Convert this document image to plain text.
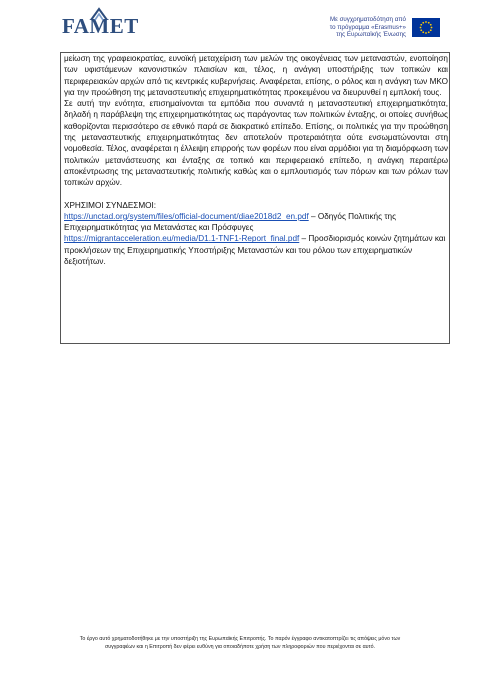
FAMET	Με συγχρηματοδότηση από
το πρόγραμμα «Erasmus+»
της Ευρωπαϊκής Ένωσης

μείωση της γραφειοκρατίας, ευνοϊκή μεταχείριση των μελών της οικογένειας των μεταναστών, ενοποίηση των υφιστάμενων κανονιστικών πλαισίων και, τέλος, η ανάγκη υποστήριξης των τοπικών και περιφερειακών αρχών από τις κεντρικές κυβερνήσεις. Αναφέρεται, επίσης, ο ρόλος και η ανάγκη των ΜΚΟ για την προώθηση της μεταναστευτικής επιχειρηματικότητας προκειμένου να διευρυνθεί η εμπλοκή τους.

Σε αυτή την ενότητα, επισημαίνονται τα εμπόδια που συναντά η μεταναστευτική επιχειρηματικότητα, δηλαδή η παράβλεψη της επιχειρηματικότητας ως παράγοντας των πολιτικών ένταξης, οι οποίες συνήθως καθορίζονται περισσότερο σε εθνικό παρά σε διακρατικό επίπεδο. Επίσης, οι πολιτικές για την προώθηση της μεταναστευτικής επιχειρηματικότητας δεν αποτελούν προτεραιότητα ούτε ενσωματώνονται στη νομοθεσία. Τέλος, αναφέρεται η έλλειψη επιρροής των φορέων που είναι αρμόδιοι για τη διαμόρφωση των πολιτικών μετανάστευσης και ένταξης σε τοπικό και περιφερειακό επίπεδο, η ανάγκη περαιτέρω αποκέντρωσης της μεταναστευτικής πολιτικής καθώς και ο εμπλουτισμός των πόρων και των ρόλων των τοπικών αρχών.

ΧΡΗΣΙΜΟΙ ΣΥΝΔΕΣΜΟΙ:

https://unctad.org/system/files/official-document/diae2018d2_en.pdf – Οδηγός Πολιτικής της Επιχειρηματικότητας για Μετανάστες και Πρόσφυγες

https://migrantacceleration.eu/media/D1.1-TNF1-Report_final.pdf – Προσδιορισμός κοινών ζητημάτων και προκλήσεων της Επιχειρηματικής Υποστήριξης Μεταναστών και του ρόλου των επιχειρηματικών δεξιοτήτων.

Το έργο αυτό χρηματοδοτήθηκε με την υποστήριξη της Ευρωπαϊκής Επιτροπής. Το παρόν έγγραφο αντικατοπτρίζει τις απόψεις μόνο των
συγγραφέων και η Επιτροπή δεν φέρει ευθύνη για οποιαδήποτε χρήση των πληροφοριών που περιέχονται σε αυτό.
